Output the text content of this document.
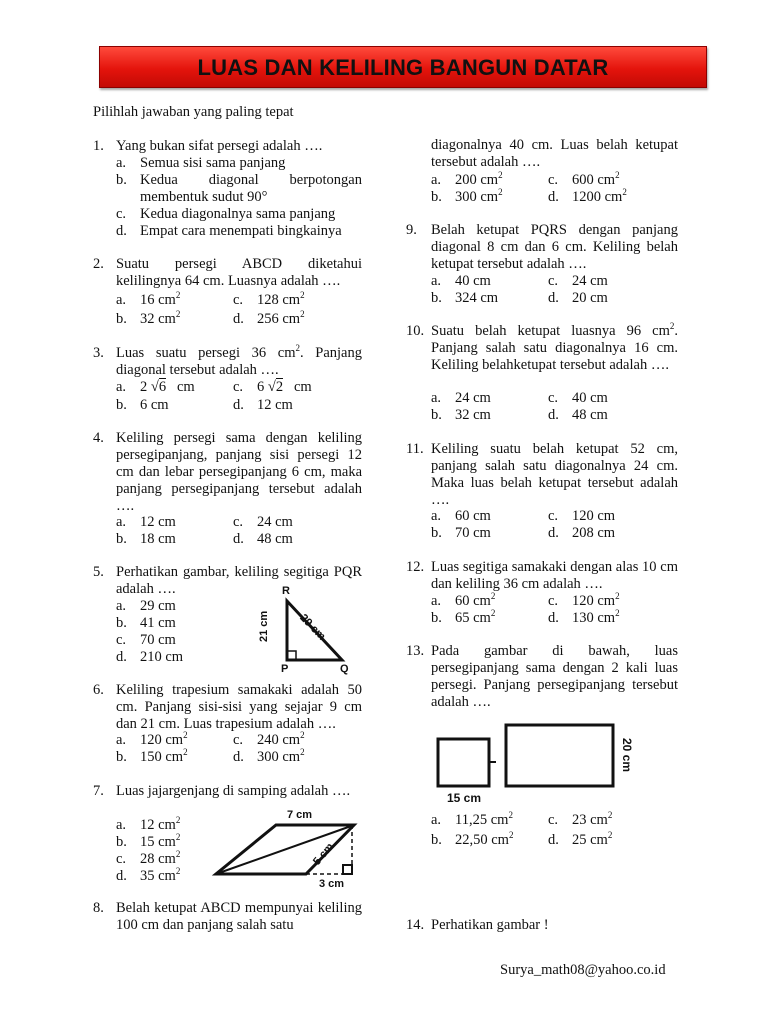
LUAS DAN KELILING BANGUN DATAR
Pilihlah jawaban yang paling tepat
1. Yang bukan sifat persegi adalah ….
a. Semua sisi sama panjang
b. Kedua diagonal berpotongan membentuk sudut 90°
c. Kedua diagonalnya sama panjang
d. Empat cara menempati bingkainya
2. Suatu persegi ABCD diketahui kelilingnya 64 cm. Luasnya adalah ….
a. 16 $cm^2$	c. 128 $cm^2$
b. 32 $cm^2$	d. 256 $cm^2$
3. Luas suatu persegi 36 $cm^2$. Panjang diagonal tersebut adalah ….
a. 2 √6 cm	c. 6 √2 cm
b. 6 cm	d. 12 cm
4. Keliling persegi sama dengan keliling persegipanjang, panjang sisi persegi 12 cm dan lebar persegipanjang 6 cm, maka panjang persegipanjang tersebut adalah ….
a. 12 cm	c. 24 cm
b. 18 cm	d. 48 cm
5. Perhatikan gambar, keliling segitiga PQR adalah ….
a. 29 cm
b. 41 cm
c. 70 cm
d. 210 cm
R
P	Q
21 cm 29 cm
6. Keliling trapesium samakaki adalah 50 cm. Panjang sisi-sisi yang sejajar 9 cm dan 21 cm. Luas trapesium adalah ….
a. 120 $cm^2$	c. 240 $cm^2$
b. 150 $cm^2$	d. 300 $cm^2$
7. Luas jajargenjang di samping adalah ….
a. 12 $cm^2$
b. 15 $cm^2$
c. 28 $cm^2$
d. 35 $cm^2$
7 cm
5 cm
3 cm
8. Belah ketupat ABCD mempunyai keliling 100 cm dan panjang salah satu
diagonalnya 40 cm. Luas belah ketupat tersebut adalah ….
a. 200 $cm^2$	c. 600 $cm^2$
b. 300 $cm^2$	d. 1200 $cm^2$
9. Belah ketupat PQRS dengan panjang diagonal 8 cm dan 6 cm. Keliling belah ketupat tersebut adalah ….
a. 40 cm	c. 24 cm
b. 324 cm	d. 20 cm
10. Suatu belah ketupat luasnya 96 $cm^2$. Panjang salah satu diagonalnya 16 cm. Keliling belahketupat tersebut adalah ….
a. 24 cm	c. 40 cm
b. 32 cm	d. 48 cm
11. Keliling suatu belah ketupat 52 cm, panjang salah satu diagonalnya 24 cm. Maka luas belah ketupat tersebut adalah ….
a. 60 cm	c. 120 cm
b. 70 cm	d. 208 cm
12. Luas segitiga samakaki dengan alas 10 cm dan keliling 36 cm adalah ….
a. 60 $cm^2$	c. 120 $cm^2$
b. 65 $cm^2$	d. 130 $cm^2$
13. Pada gambar di bawah, luas persegipanjang sama dengan 2 kali luas persegi. Panjang persegipanjang tersebut adalah ….
15 cm
20 cm
a. 11,25 $cm^2$ c. 23 $cm^2$
b. 22,50 $cm^2$ d. 25 $cm^2$
14. Perhatikan gambar !
Surya_math08@yahoo.co.id
